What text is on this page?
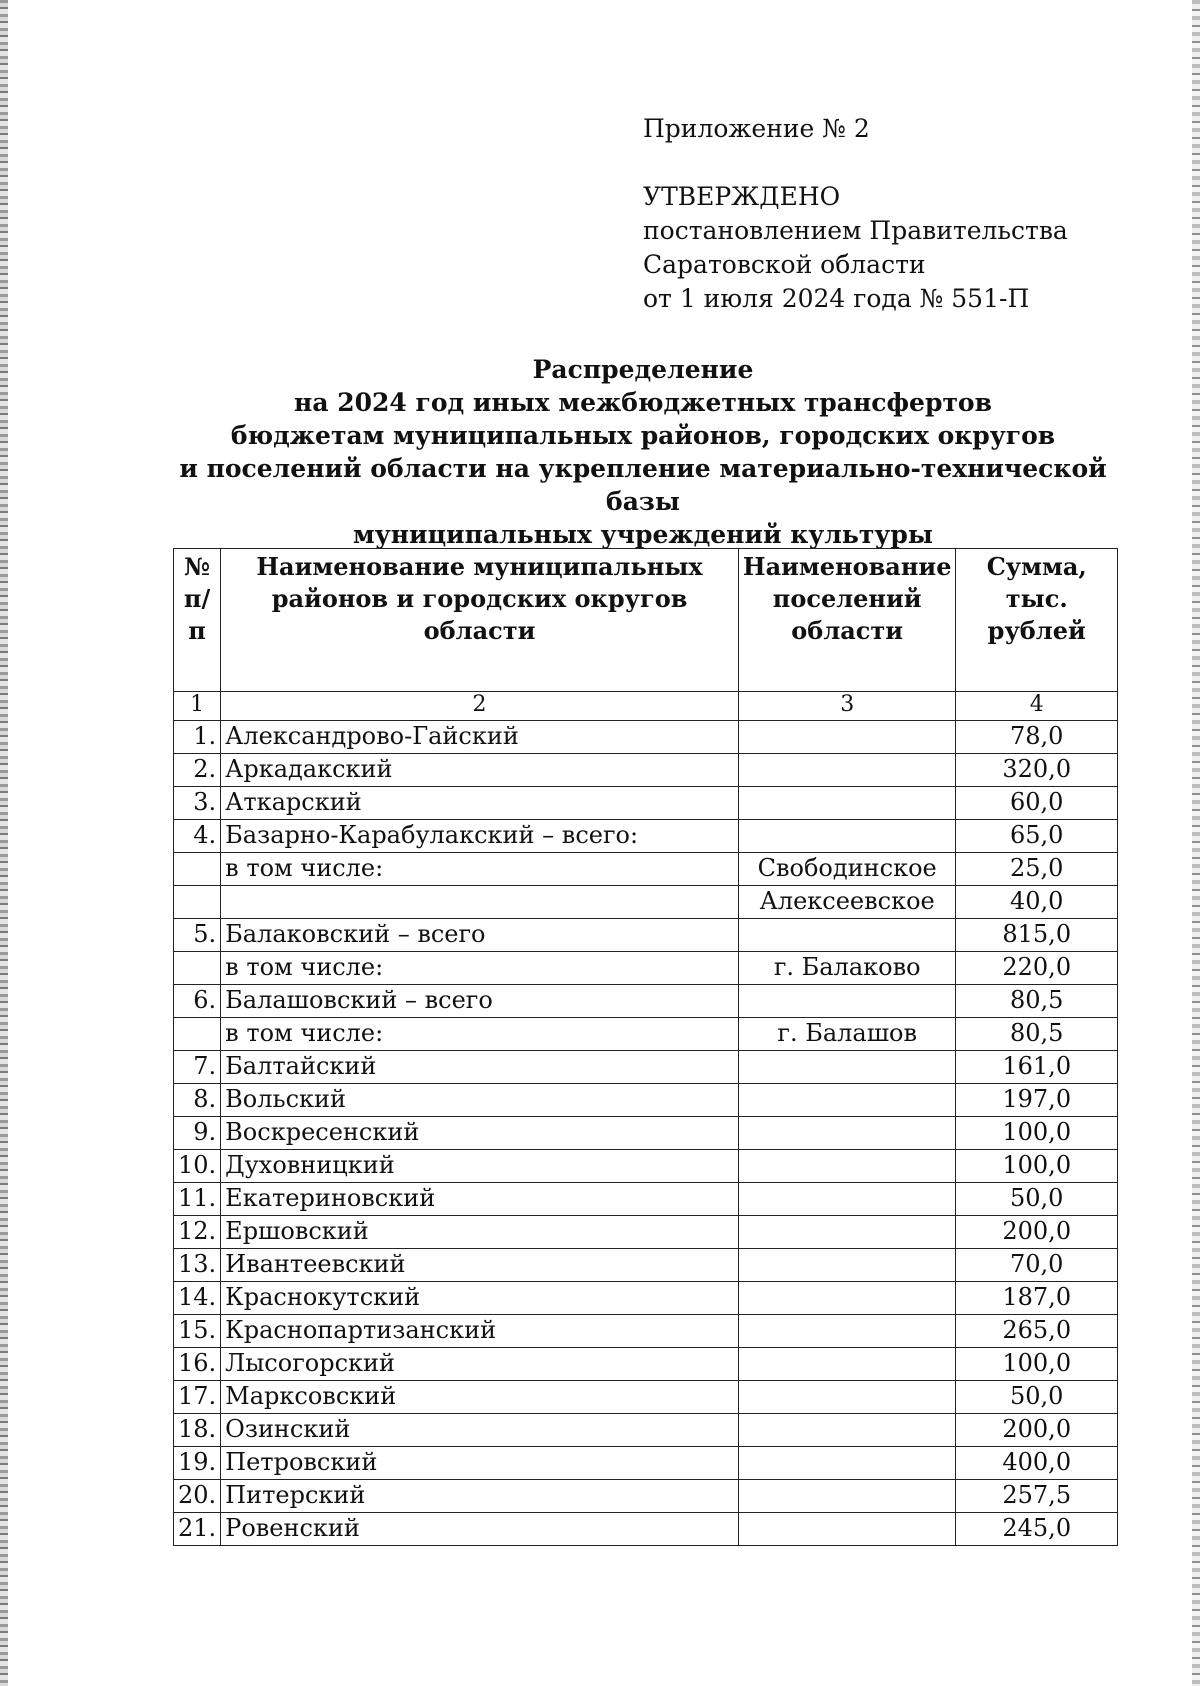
Приложение № 2
УТВЕРЖДЕНО
постановлением Правительства
Саратовской области
от 1 июля 2024 года № 551-П
Распределение
на 2024 год иных межбюджетных трансфертов
бюджетам муниципальных районов, городских округов
и поселений области на укрепление материально-технической базы
муниципальных учреждений культуры
№ п/п	Наименование муниципальных районов и городских округов области	Наименование поселений области	Сумма, тыс. рублей
1	2	3	4
1.	Александрово-Гайский		78,0
2.	Аркадакский		320,0
3.	Аткарский		60,0
4.	Базарно-Карабулакский – всего:		65,0
	в том числе:	Свободинское	25,0
		Алексеевское	40,0
5.	Балаковский – всего		815,0
	в том числе:	г. Балаково	220,0
6.	Балашовский – всего		80,5
	в том числе:	г. Балашов	80,5
7.	Балтайский		161,0
8.	Вольский		197,0
9.	Воскресенский		100,0
10.	Духовницкий		100,0
11.	Екатериновский		50,0
12.	Ершовский		200,0
13.	Ивантеевский		70,0
14.	Краснокутский		187,0
15.	Краснопартизанский		265,0
16.	Лысогорский		100,0
17.	Марксовский		50,0
18.	Озинский		200,0
19.	Петровский		400,0
20.	Питерский		257,5
21.	Ровенский		245,0
